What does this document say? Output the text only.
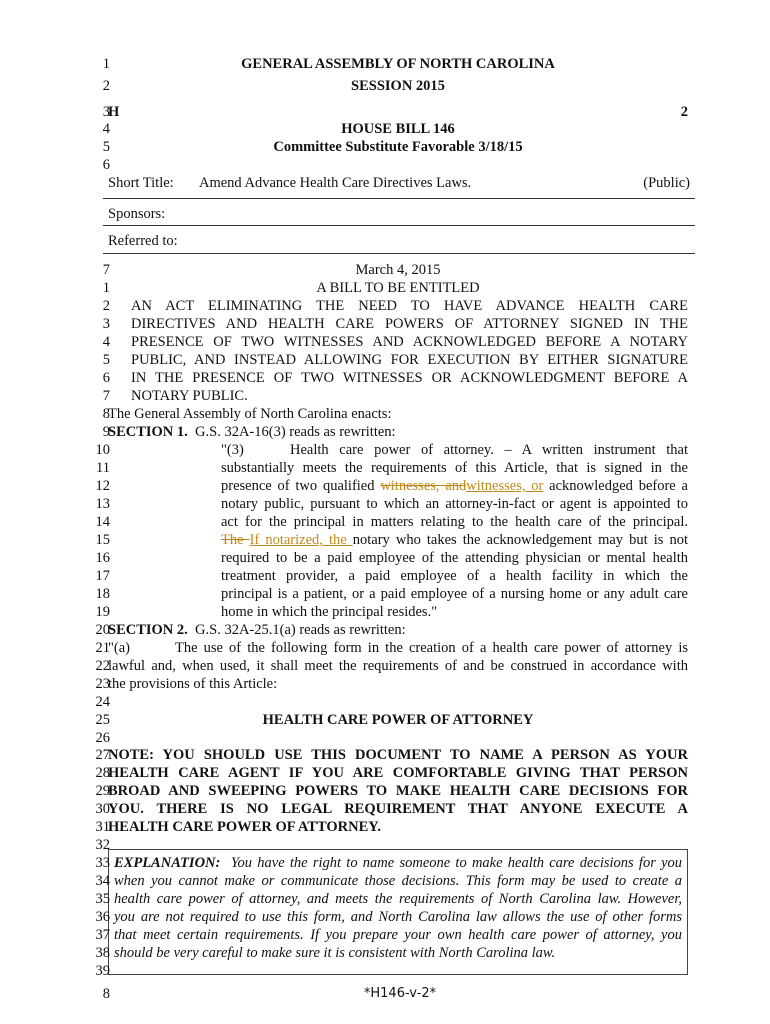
1	GENERAL ASSEMBLY OF NORTH CAROLINA
2	SESSION 2015
3
H	2
4	HOUSE BILL 146
5	Committee Substitute Favorable 3/18/15
6
Short Title: Amend Advance Health Care Directives Laws.	(Public)
Sponsors:
Referred to:
7	March 4, 2015
1	A BILL TO BE ENTITLED
2 AN ACT ELIMINATING THE NEED TO HAVE ADVANCE HEALTH CARE
3 DIRECTIVES AND HEALTH CARE POWERS OF ATTORNEY SIGNED IN THE
4 PRESENCE OF TWO WITNESSES AND ACKNOWLEDGED BEFORE A NOTARY
5 PUBLIC, AND INSTEAD ALLOWING FOR EXECUTION BY EITHER SIGNATURE
6 IN THE PRESENCE OF TWO WITNESSES OR ACKNOWLEDGMENT BEFORE A
7 NOTARY PUBLIC.
8
The General Assembly of North Carolina enacts:
9
SECTION 1. G.S. 32A-16(3) reads as rewritten:
10	"(3)	Health care power of attorney. – A written instrument that
11	substantially meets the requirements of this Article, that is signed in the
12	presence of two qualified witnesses, andwitnesses, or acknowledged before a
13	notary public, pursuant to which an attorney-in-fact or agent is appointed to
14	act for the principal in matters relating to the health care of the principal.
15	The If notarized, the notary who takes the acknowledgement may but is not
16	required to be a paid employee of the attending physician or mental health
17	treatment provider, a paid employee of a health facility in which the
18	principal is a patient, or a paid employee of a nursing home or any adult care
19	home in which the principal resides."
20
SECTION 2. G.S. 32A-25.1(a) reads as rewritten:
21
"(a)	The use of the following form in the creation of a health care power of attorney is
22
lawful and, when used, it shall meet the requirements of and be construed in accordance with
23
the provisions of this Article:
24
25	HEALTH CARE POWER OF ATTORNEY
26
27
NOTE: YOU SHOULD USE THIS DOCUMENT TO NAME A PERSON AS YOUR
28
HEALTH CARE AGENT IF YOU ARE COMFORTABLE GIVING THAT PERSON
29
BROAD AND SWEEPING POWERS TO MAKE HEALTH CARE DECISIONS FOR
30
YOU. THERE IS NO LEGAL REQUIREMENT THAT ANYONE EXECUTE A
31
HEALTH CARE POWER OF ATTORNEY.
32
33 EXPLANATION: You have the right to name someone to make health care decisions for you
34 when you cannot make or communicate those decisions. This form may be used to create a
35 health care power of attorney, and meets the requirements of North Carolina law. However,
36 you are not required to use this form, and North Carolina law allows the use of other forms
37 that meet certain requirements. If you prepare your own health care power of attorney, you
38 should be very careful to make sure it is consistent with North Carolina law.
39
8	*H146-v-2*
